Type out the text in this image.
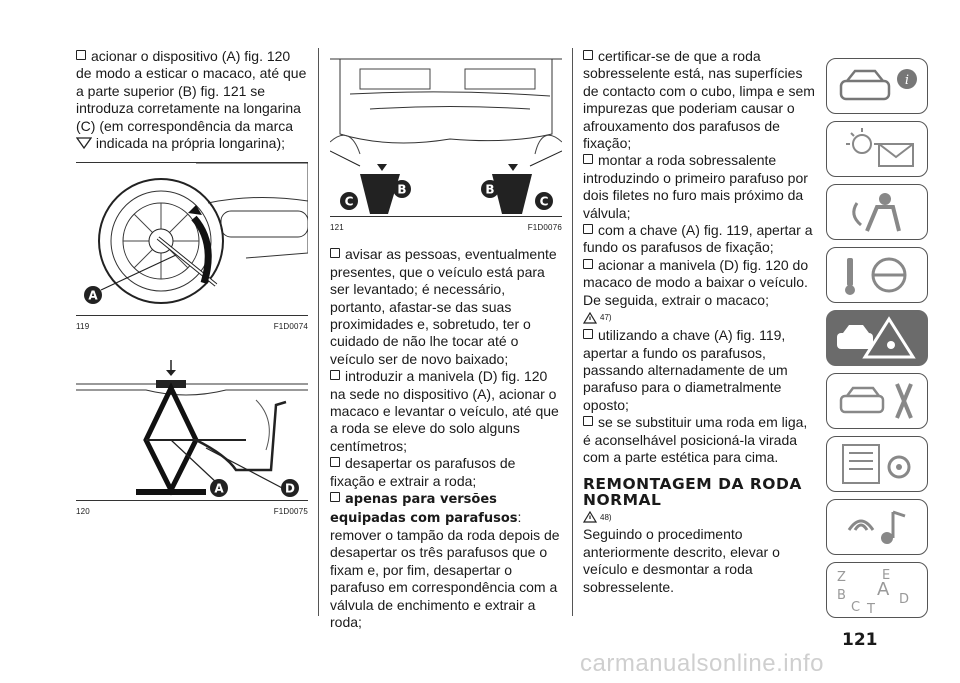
acionar o dispositivo (A) fig. 120 de modo a esticar o macaco, até que a parte superior (B) fig. 121 se introduza corretamente na longarina (C) (em correspondência da marca  indicada na própria longarina);

A
119	F1D0074
A	D
120	F1D0075
C
B	B
C
121	F1D0076

avisar as pessoas, eventualmente presentes, que o veículo está para ser levantado; é necessário, portanto, afastar-se das suas proximidades e, sobretudo, ter o cuidado de não lhe tocar até o veículo ser de novo baixado;

introduzir a manivela (D) fig. 120 na sede no dispositivo (A), acionar o macaco e levantar o veículo, até que a roda se eleve do solo alguns centímetros;

desapertar os parafusos de fixação e extrair a roda;

apenas para versões equipadas com parafusos: remover o tampão da roda depois de desapertar os três parafusos que o fixam e, por fim, desapertar o parafuso em correspondência com a válvula de enchimento e extrair a roda;

certificar-se de que a roda sobresselente está, nas superfícies de contacto com o cubo, limpa e sem impurezas que poderiam causar o afrouxamento dos parafusos de fixação;

montar a roda sobressalente introduzindo o primeiro parafuso por dois filetes no furo mais próximo da válvula;

com a chave (A) fig. 119, apertar a fundo os parafusos de fixação;

acionar a manivela (D) fig. 120 do macaco de modo a baixar o veículo. De seguida, extrair o macaco;

47)

utilizando a chave (A) fig. 119, apertar a fundo os parafusos, passando alternadamente de um parafuso para o diametralmente oposto;

se se substituir uma roda em liga, é aconselhável posicioná-la virada com a parte estética para cima.

REMONTAGEM DA RODA NORMAL
48)

Seguindo o procedimento anteriormente descrito, elevar o veículo e desmontar a roda sobresselente.

i
Z	E
B A
C T
D
121
carmanualsonline.info
